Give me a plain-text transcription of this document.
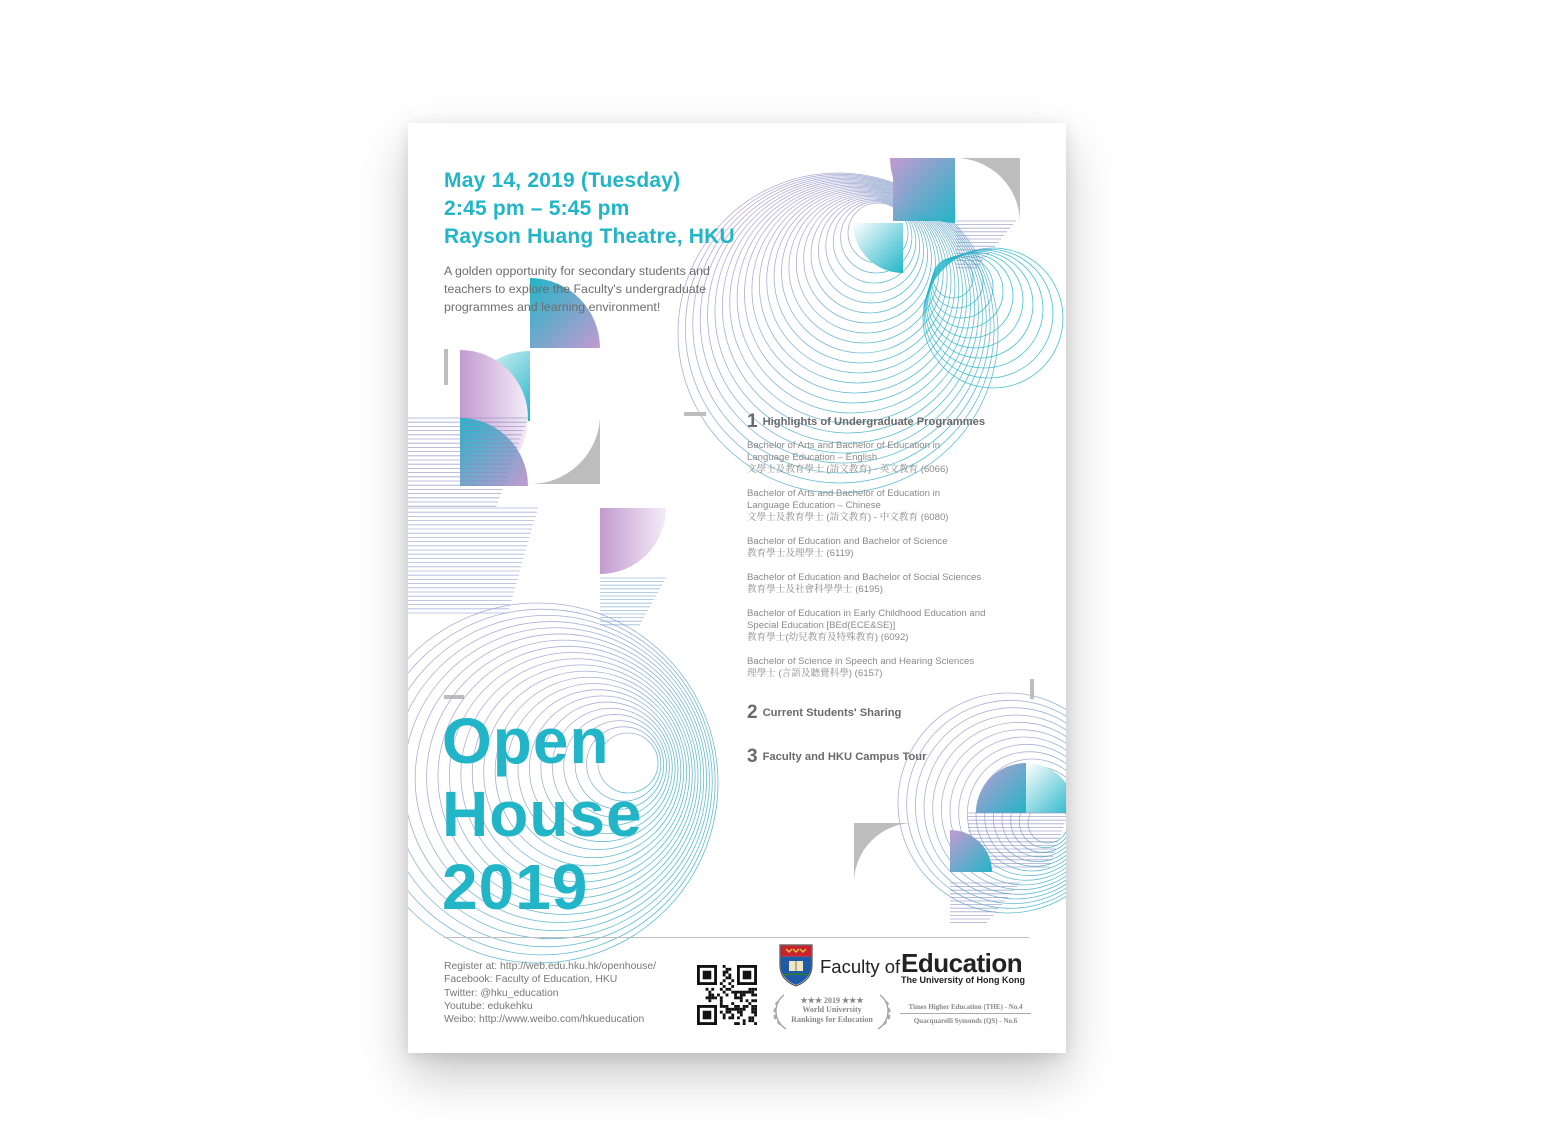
May 14, 2019 (Tuesday)
2:45 pm – 5:45 pm
Rayson Huang Theatre, HKU
A golden opportunity for secondary students and teachers to explore the Faculty's undergraduate programmes and learning environment!
1 Highlights of Undergraduate Programmes
Bachelor of Arts and Bachelor of Education in
Language Education – English
文學士及教育學士 (語文教育) - 英文教育 (6066)
Bachelor of Arts and Bachelor of Education in
Language Education – Chinese
文學士及教育學士 (語文教育) - 中文教育 (6080)
Bachelor of Education and Bachelor of Science
教育學士及理學士 (6119)
Bachelor of Education and Bachelor of Social Sciences
教育學士及社會科學學士 (6195)
Bachelor of Education in Early Childhood Education and
Special Education [BEd(ECE&SE)]
教育學士(幼兒教育及特殊教育) (6092)
Bachelor of Science in Speech and Hearing Sciences
理學士 (言語及聽覺科學) (6157)
2 Current Students' Sharing
3 Faculty and HKU Campus Tour
Open
House
2019
Register at: http://web.edu.hku.hk/openhouse/
Facebook: Faculty of Education, HKU
Twitter: @hku_education
Youtube: edukehku
Weibo: http://www.weibo.com/hkueducation
Faculty of Education
The University of Hong Kong
★★★ 2019 ★★★
World University
Rankings for Education
Times Higher Education (THE) - No.4
Quacquarelli Symonds (QS) - No.6
